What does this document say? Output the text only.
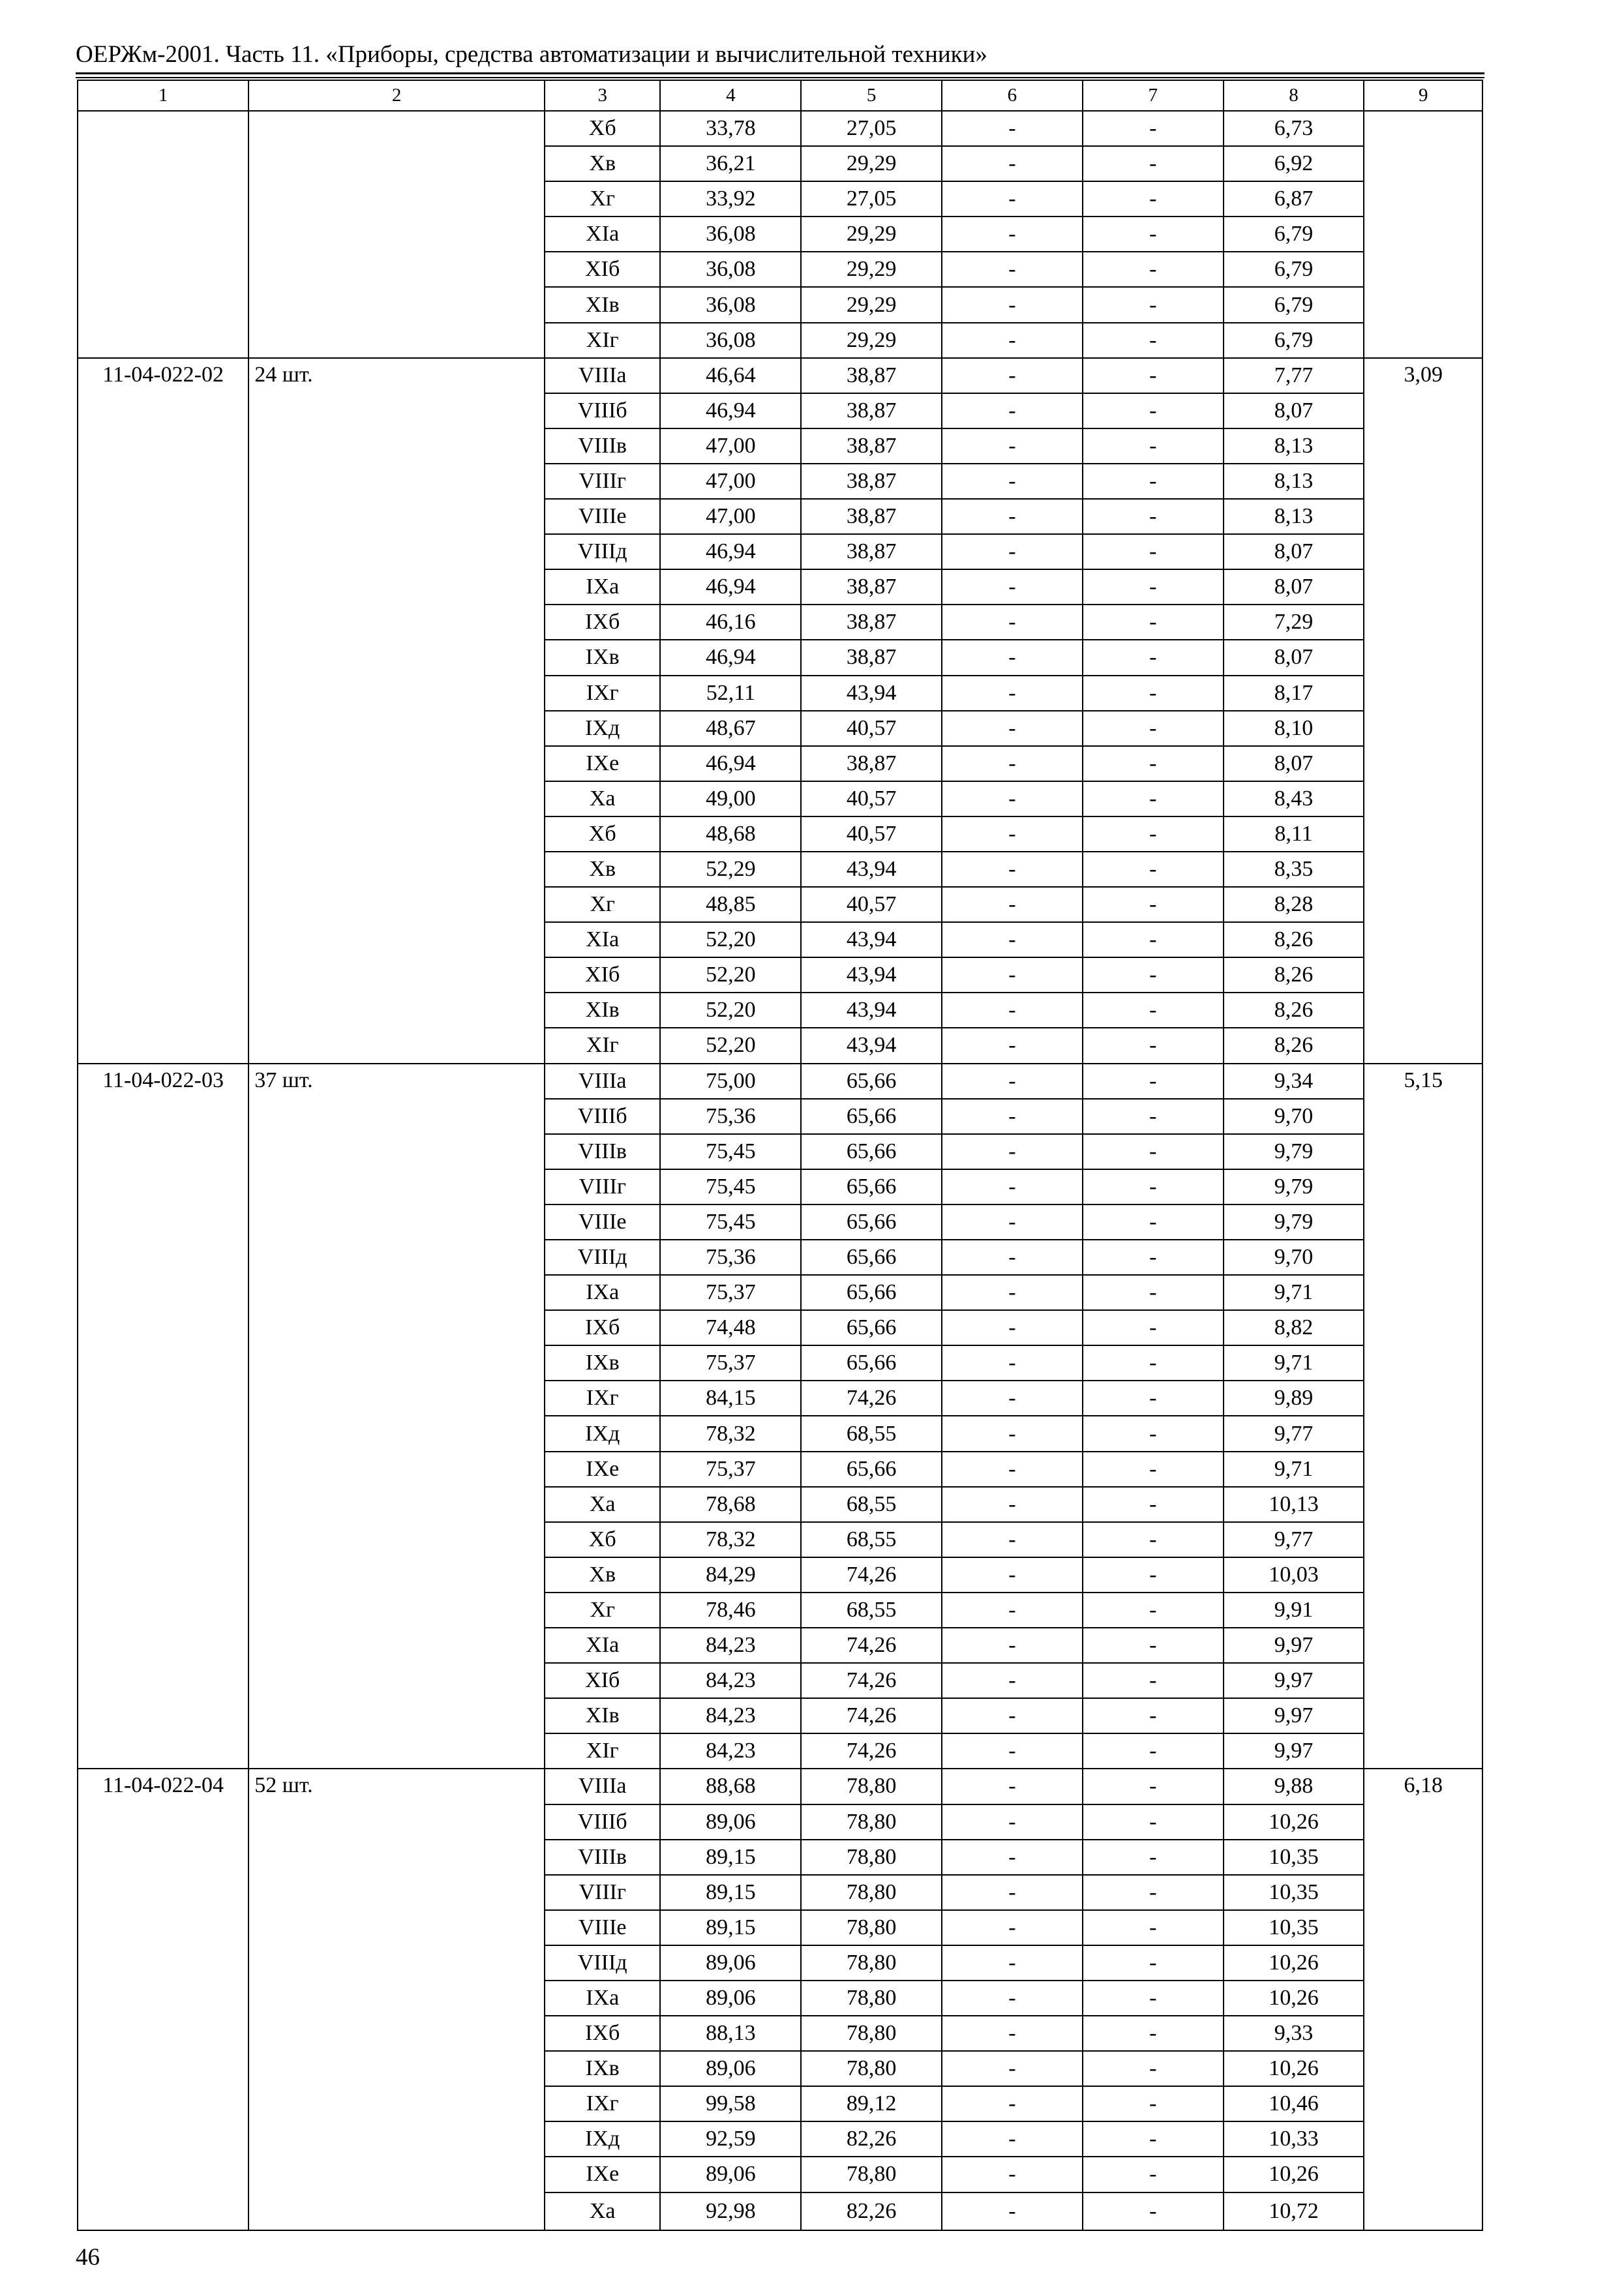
ОЕРЖм-2001. Часть 11. «Приборы, средства автоматизации и вычислительной техники»
1	2	3	4	5	6	7	8	9
		Хб	33,78	27,05	-	-	6,73	
		Хв	36,21	29,29	-	-	6,92	
		Хг	33,92	27,05	-	-	6,87	
		XIа	36,08	29,29	-	-	6,79	
		XIб	36,08	29,29	-	-	6,79	
		XIв	36,08	29,29	-	-	6,79	
		XIг	36,08	29,29	-	-	6,79	
11-04-022-02	24 шт.	VIIIа	46,64	38,87	-	-	7,77	3,09
		VIIIб	46,94	38,87	-	-	8,07	
		VIIIв	47,00	38,87	-	-	8,13	
		VIIIг	47,00	38,87	-	-	8,13	
		VIIIе	47,00	38,87	-	-	8,13	
		VIIIд	46,94	38,87	-	-	8,07	
		IXа	46,94	38,87	-	-	8,07	
		IXб	46,16	38,87	-	-	7,29	
		IXв	46,94	38,87	-	-	8,07	
		IXг	52,11	43,94	-	-	8,17	
		IXд	48,67	40,57	-	-	8,10	
		IXе	46,94	38,87	-	-	8,07	
		Ха	49,00	40,57	-	-	8,43	
		Хб	48,68	40,57	-	-	8,11	
		Хв	52,29	43,94	-	-	8,35	
		Хг	48,85	40,57	-	-	8,28	
		XIа	52,20	43,94	-	-	8,26	
		XIб	52,20	43,94	-	-	8,26	
		XIв	52,20	43,94	-	-	8,26	
		XIг	52,20	43,94	-	-	8,26	
11-04-022-03	37 шт.	VIIIа	75,00	65,66	-	-	9,34	5,15
		VIIIб	75,36	65,66	-	-	9,70	
		VIIIв	75,45	65,66	-	-	9,79	
		VIIIг	75,45	65,66	-	-	9,79	
		VIIIе	75,45	65,66	-	-	9,79	
		VIIIд	75,36	65,66	-	-	9,70	
		IXа	75,37	65,66	-	-	9,71	
		IXб	74,48	65,66	-	-	8,82	
		IXв	75,37	65,66	-	-	9,71	
		IXг	84,15	74,26	-	-	9,89	
		IXд	78,32	68,55	-	-	9,77	
		IXе	75,37	65,66	-	-	9,71	
		Ха	78,68	68,55	-	-	10,13	
		Хб	78,32	68,55	-	-	9,77	
		Хв	84,29	74,26	-	-	10,03	
		Хг	78,46	68,55	-	-	9,91	
		XIа	84,23	74,26	-	-	9,97	
		XIб	84,23	74,26	-	-	9,97	
		XIв	84,23	74,26	-	-	9,97	
		XIг	84,23	74,26	-	-	9,97	
11-04-022-04	52 шт.	VIIIа	88,68	78,80	-	-	9,88	6,18
		VIIIб	89,06	78,80	-	-	10,26	
		VIIIв	89,15	78,80	-	-	10,35	
		VIIIг	89,15	78,80	-	-	10,35	
		VIIIе	89,15	78,80	-	-	10,35	
		VIIIд	89,06	78,80	-	-	10,26	
		IXа	89,06	78,80	-	-	10,26	
		IXб	88,13	78,80	-	-	9,33	
		IXв	89,06	78,80	-	-	10,26	
		IXг	99,58	89,12	-	-	10,46	
		IXд	92,59	82,26	-	-	10,33	
		IXе	89,06	78,80	-	-	10,26	
		Ха	92,98	82,26	-	-	10,72	
46
